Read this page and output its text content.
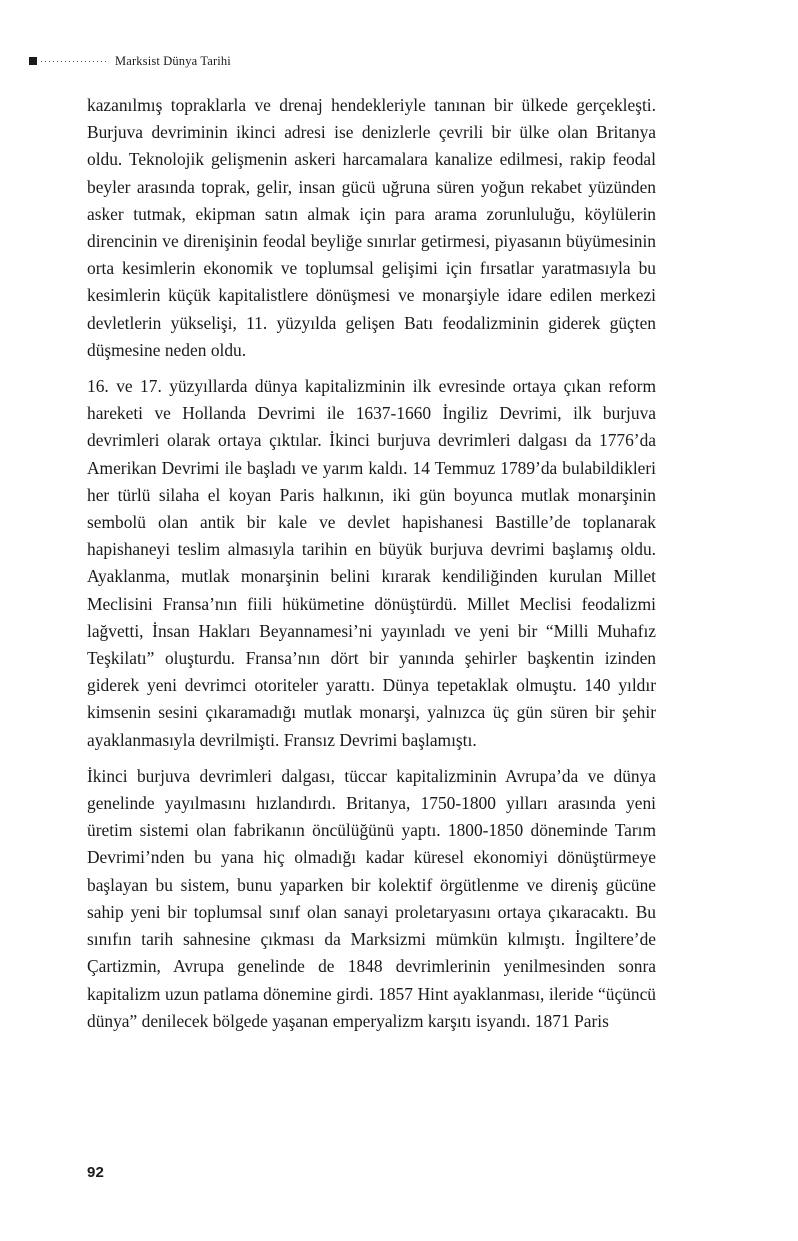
Marksist Dünya Tarihi

kazanılmış topraklarla ve drenaj hendekleriyle tanınan bir ülkede gerçekleşti. Burjuva devriminin ikinci adresi ise denizlerle çevrili bir ülke olan Britanya oldu. Teknolojik gelişmenin askeri harcamalara kanalize edilmesi, rakip feodal beyler arasında toprak, gelir, insan gücü uğruna süren yoğun rekabet yüzünden asker tutmak, ekipman satın almak için para arama zorunluluğu, köylülerin direncinin ve direnişinin feodal beyliğe sınırlar getirmesi, piyasanın büyümesinin orta kesimlerin ekonomik ve toplumsal gelişimi için fırsatlar yaratmasıyla bu kesimlerin küçük kapitalistlere dönüşmesi ve monarşiyle idare edilen merkezi devletlerin yükselişi, 11. yüzyılda gelişen Batı feodalizminin giderek güçten düşmesine neden oldu.

16. ve 17. yüzyıllarda dünya kapitalizminin ilk evresinde ortaya çıkan reform hareketi ve Hollanda Devrimi ile 1637-1660 İngiliz Devrimi, ilk burjuva devrimleri olarak ortaya çıktılar. İkinci burjuva devrimleri dalgası da 1776’da Amerikan Devrimi ile başladı ve yarım kaldı. 14 Temmuz 1789’da bulabildikleri her türlü silaha el koyan Paris halkının, iki gün boyunca mutlak monarşinin sembolü olan antik bir kale ve devlet hapishanesi Bastille’de toplanarak hapishaneyi teslim almasıyla tarihin en büyük burjuva devrimi başlamış oldu. Ayaklanma, mutlak monarşinin belini kırarak kendiliğinden kurulan Millet Meclisini Fransa’nın fiili hükümetine dönüştürdü. Millet Meclisi feodalizmi lağvetti, İnsan Hakları Beyannamesi’ni yayınladı ve yeni bir “Milli Muhafız Teşkilatı” oluşturdu. Fransa’nın dört bir yanında şehirler başkentin izinden giderek yeni devrimci otoriteler yarattı. Dünya tepetaklak olmuştu. 140 yıldır kimsenin sesini çıkaramadığı mutlak monarşi, yalnızca üç gün süren bir şehir ayaklanmasıyla devrilmişti. Fransız Devrimi başlamıştı.

İkinci burjuva devrimleri dalgası, tüccar kapitalizminin Avrupa’da ve dünya genelinde yayılmasını hızlandırdı. Britanya, 1750-1800 yılları arasında yeni üretim sistemi olan fabrikanın öncülüğünü yaptı. 1800-1850 döneminde Tarım Devrimi’nden bu yana hiç olmadığı kadar küresel ekonomiyi dönüştürmeye başlayan bu sistem, bunu yaparken bir kolektif örgütlenme ve direniş gücüne sahip yeni bir toplumsal sınıf olan sanayi proletaryasını ortaya çıkaracaktı. Bu sınıfın tarih sahnesine çıkması da Marksizmi mümkün kılmıştı. İngiltere’de Çartizmin, Avrupa genelinde de 1848 devrimlerinin yenilmesinden sonra kapitalizm uzun patlama dönemine girdi. 1857 Hint ayaklanması, ileride “üçüncü dünya” denilecek bölgede yaşanan emperyalizm karşıtı isyandı. 1871 Paris

92
